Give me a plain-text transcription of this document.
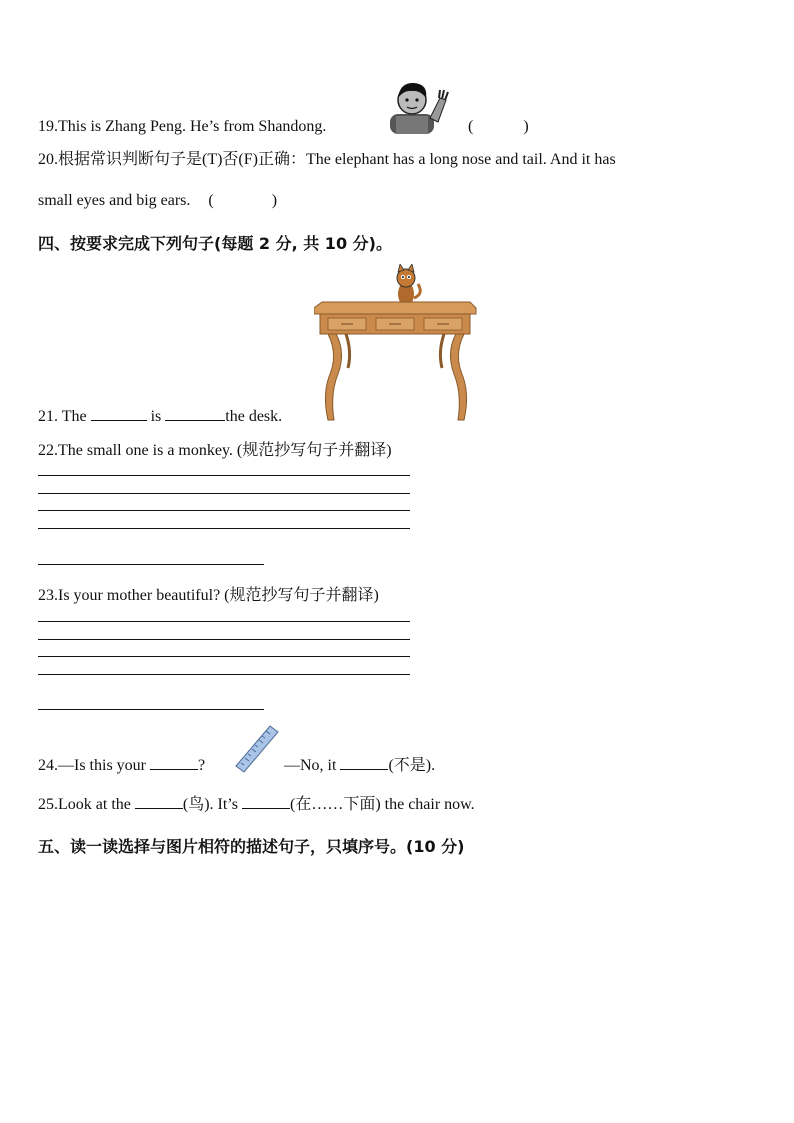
19.This is Zhang Peng. He’s from Shandong.	(	)
20.根据常识判断句子是(T)否(F)正确：The elephant has a long nose and tail. And it has
small eyes and big ears. (	)
四、按要求完成下列句子(每题 2 分, 共 10 分)。
21. The	is	the desk.
22.The small one is a monkey. (规范抄写句子并翻译)
23.Is your mother beautiful? (规范抄写句子并翻译)
24.—Is this your	?	—No, it	(不是).
25.Look at the	(鸟). It’s	(在……下面) the chair now.
五、读一读选择与图片相符的描述句子，只填序号。(10 分)
